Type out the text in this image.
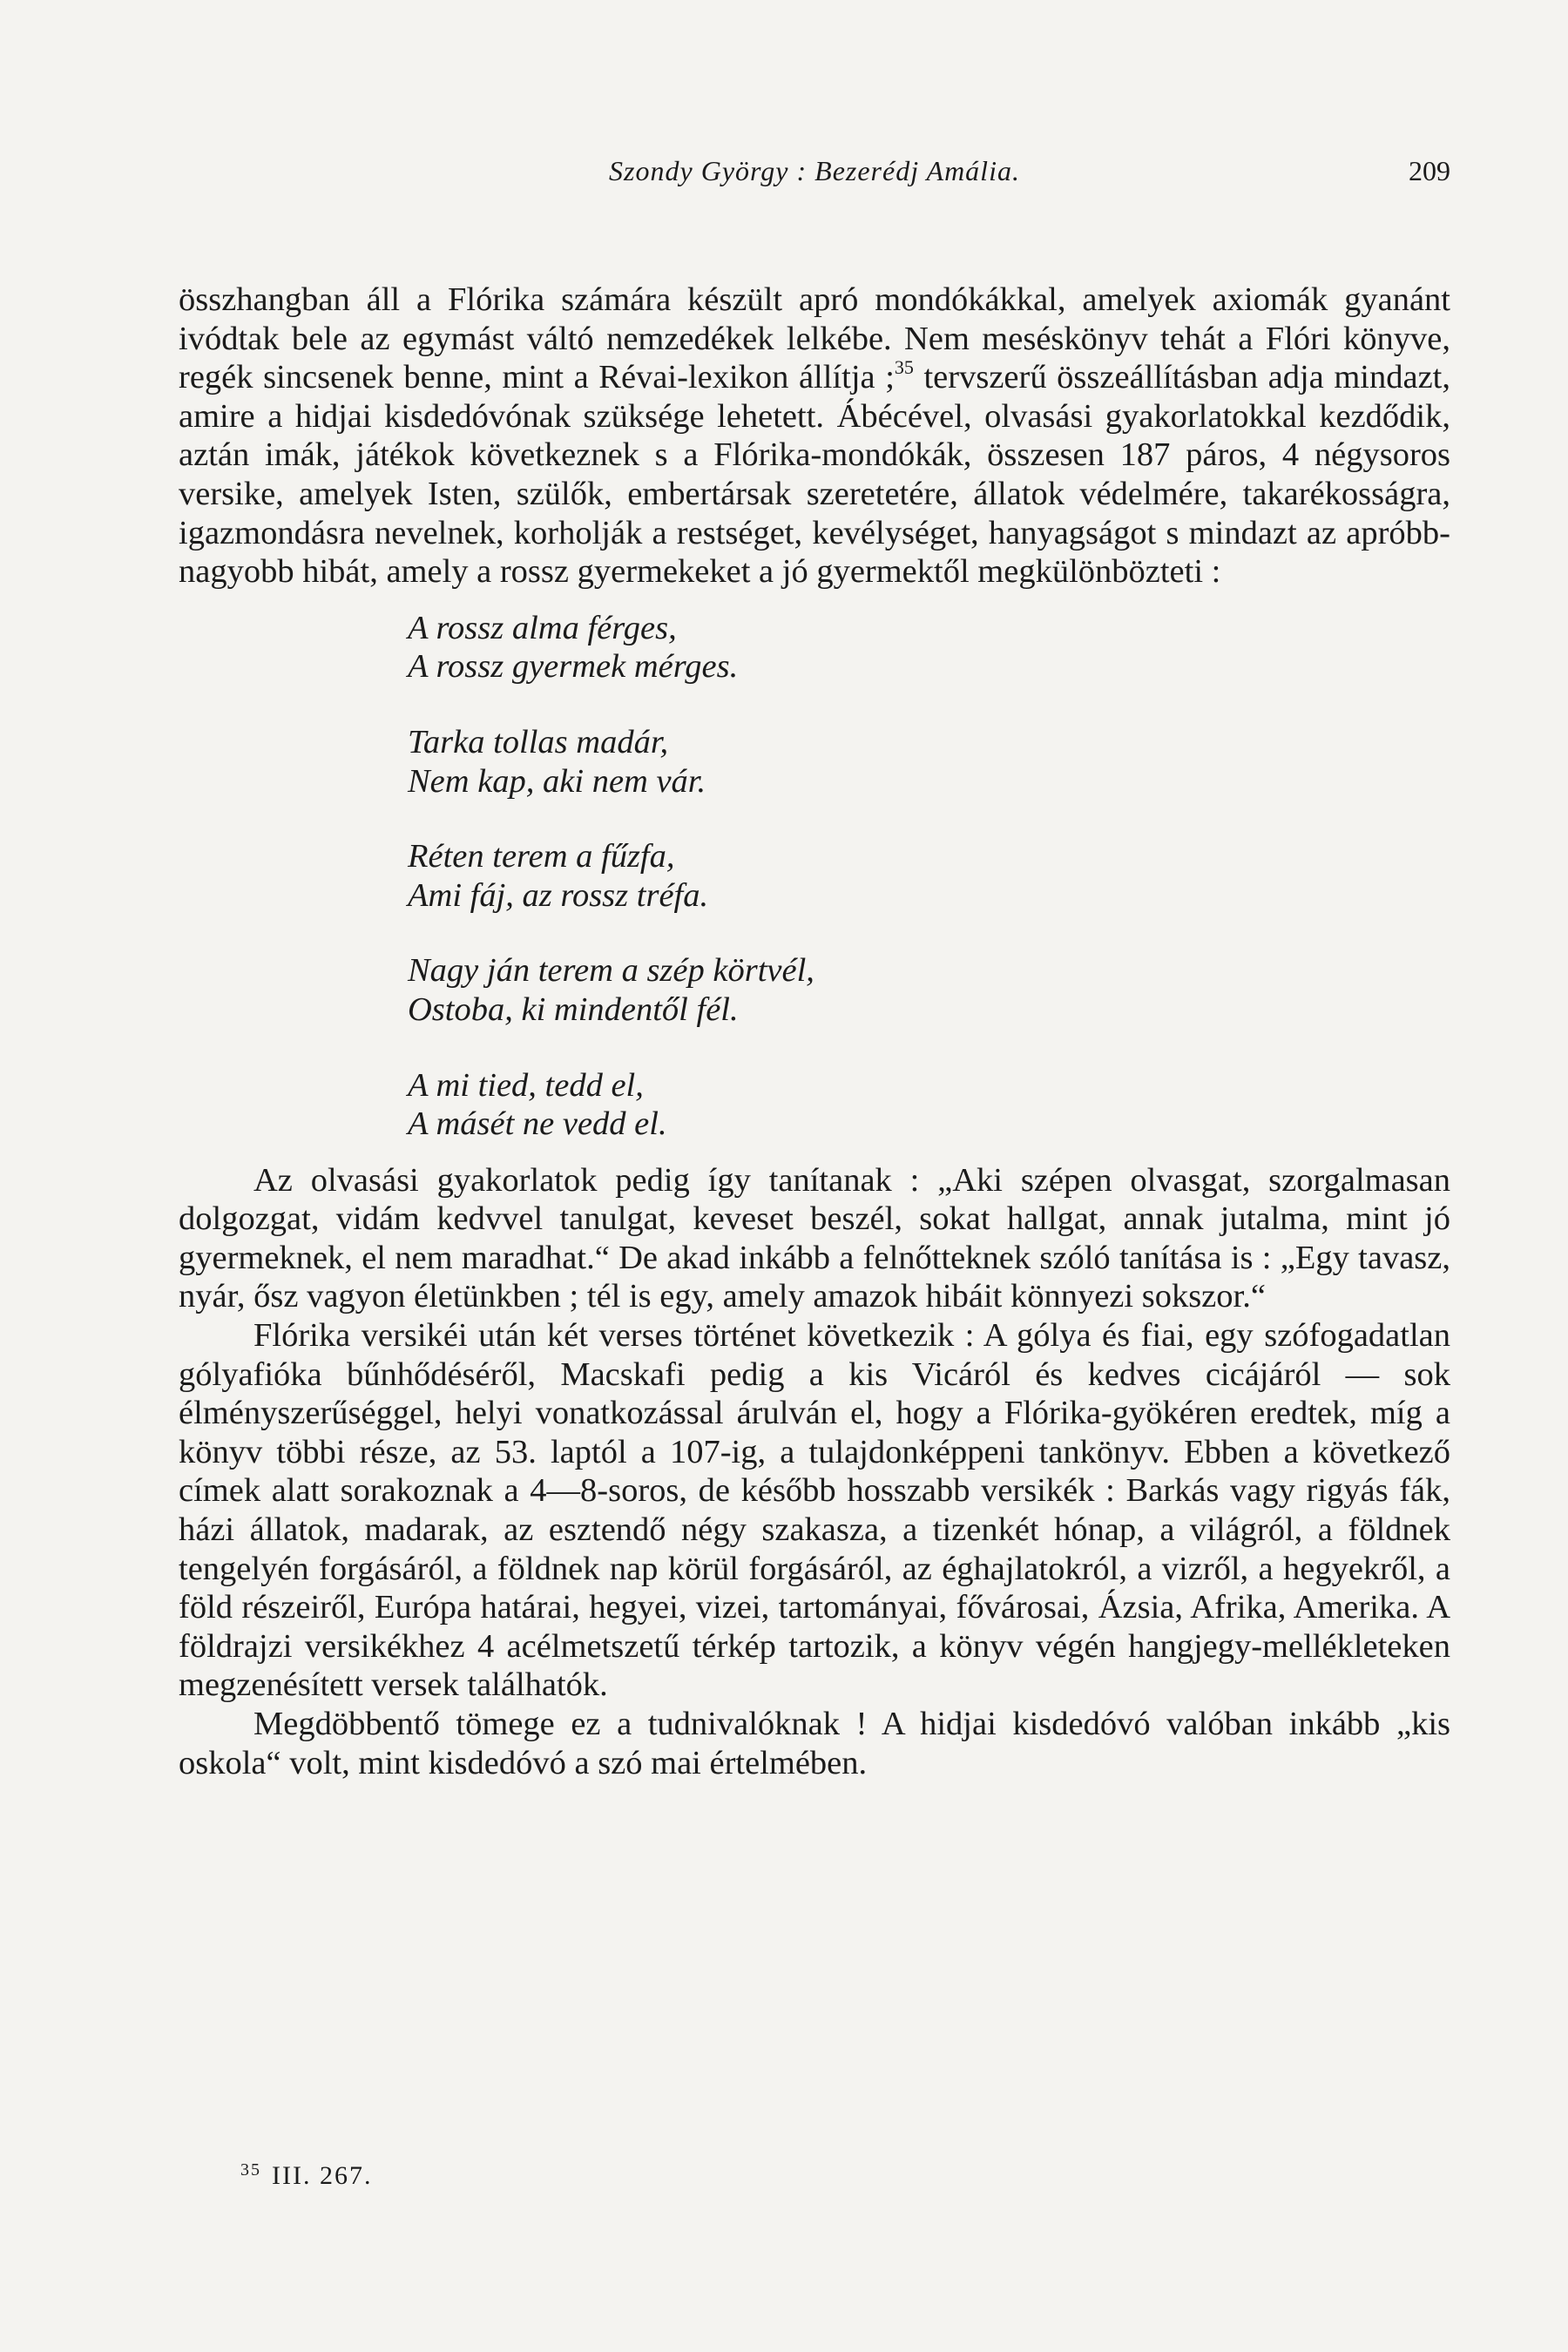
Szondy György : Bezerédj Amália.	209

összhangban áll a Flórika számára készült apró mondókákkal, amelyek axiomák gyanánt ivódtak bele az egymást váltó nemzedékek lelkébe. Nem meséskönyv tehát a Flóri könyve, regék sincsenek benne, mint a Révai-lexikon állítja ;$^{35}$ tervszerű összeállításban adja mindazt, amire a hidjai kisdedóvónak szüksége lehetett. Ábécével, olvasási gyakorlatokkal kezdődik, aztán imák, játékok következnek s a Flórika-mondókák, összesen 187 páros, 4 négysoros versike, amelyek Isten, szülők, embertársak szeretetére, állatok védelmére, takarékosságra, igazmondásra nevelnek, korholják a restséget, kevélységet, hanyagságot s mindazt az apróbb-nagyobb hibát, amely a rossz gyermekeket a jó gyermektől megkülönbözteti :

A rossz alma férges,
A rossz gyermek mérges.
Tarka tollas madár,
Nem kap, aki nem vár.
Réten terem a fűzfa,
Ami fáj, az rossz tréfa.
Nagy ján terem a szép körtvél,
Ostoba, ki mindentől fél.
A mi tied, tedd el,
A másét ne vedd el.

Az olvasási gyakorlatok pedig így tanítanak : „Aki szépen olvasgat, szorgalmasan dolgozgat, vidám kedvvel tanulgat, keveset beszél, sokat hallgat, annak jutalma, mint jó gyermeknek, el nem maradhat.“ De akad inkább a felnőtteknek szóló tanítása is : „Egy tavasz, nyár, ősz vagyon életünkben ; tél is egy, amely amazok hibáit könnyezi sokszor.“

Flórika versikéi után két verses történet következik : A gólya és fiai, egy szófogadatlan gólyafióka bűnhődéséről, Macskafi pedig a kis Vicáról és kedves cicájáról — sok élményszerűséggel, helyi vonatkozással árulván el, hogy a Flórika-gyökéren eredtek, míg a könyv többi része, az 53. laptól a 107-ig, a tulajdonképpeni tankönyv. Ebben a következő címek alatt sorakoznak a 4—8-soros, de később hosszabb versikék : Barkás vagy rigyás fák, házi állatok, madarak, az esztendő négy szakasza, a tizenkét hónap, a világról, a földnek tengelyén forgásáról, a földnek nap körül forgásáról, az éghajlatokról, a vizről, a hegyekről, a föld részeiről, Európa határai, hegyei, vizei, tartományai, fővárosai, Ázsia, Afrika, Amerika. A földrajzi versikékhez 4 acélmetszetű térkép tartozik, a könyv végén hangjegy-mellékleteken megzenésített versek találhatók.

Megdöbbentő tömege ez a tudnivalóknak ! A hidjai kisdedóvó valóban inkább „kis oskola“ volt, mint kisdedóvó a szó mai értelmében.

$^{35}$ III. 267.
